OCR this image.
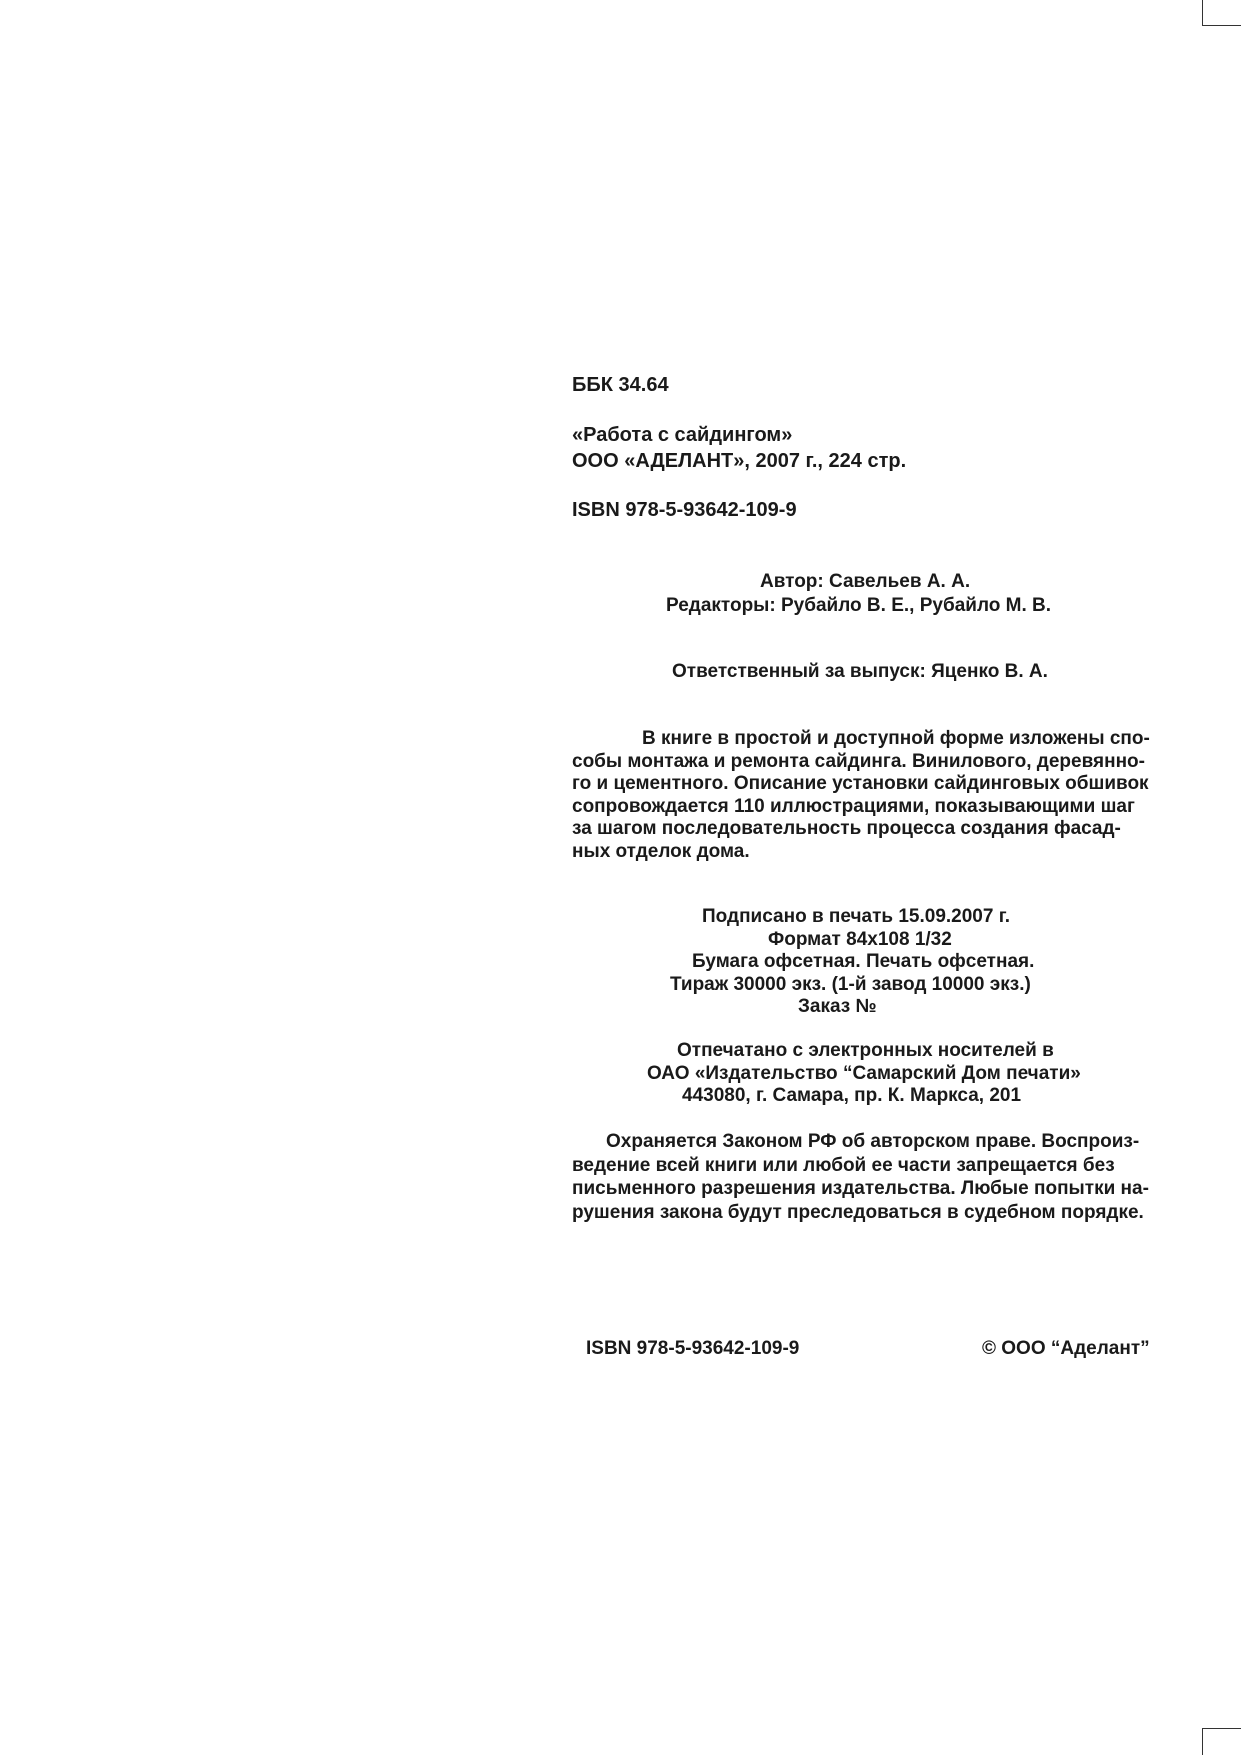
ББК 34.64
«Работа с сайдингом»
ООО «АДЕЛАНТ», 2007 г., 224 стр.
ISBN 978-5-93642-109-9
Автор: Савельев А. А.
Редакторы: Рубайло В. Е., Рубайло М. В.
Ответственный за выпуск: Яценко В. А.

В книге в простой и доступной форме изложены спо-

собы монтажа и ремонта сайдинга. Винилового, деревянно-

го и цементного. Описание установки сайдинговых обшивок

сопровождается 110 иллюстрациями, показывающими шаг

за шагом последовательность процесса создания фасад-

ных отделок дома.

Подписано в печать 15.09.2007 г.
Формат 84х108 1/32
Бумага офсетная. Печать офсетная.
Тираж 30000 экз. (1-й завод 10000 экз.)
Заказ №
Отпечатано с электронных носителей в
ОАО «Издательство “Самарский Дом печати»
443080, г. Самара, пр. К. Маркса, 201

Охраняется Законом РФ об авторском праве. Воспроиз-

ведение всей книги или любой ее части запрещается без

письменного разрешения издательства. Любые попытки на-

рушения закона будут преследоваться в судебном порядке.

ISBN 978-5-93642-109-9	© ООО “Аделант”
